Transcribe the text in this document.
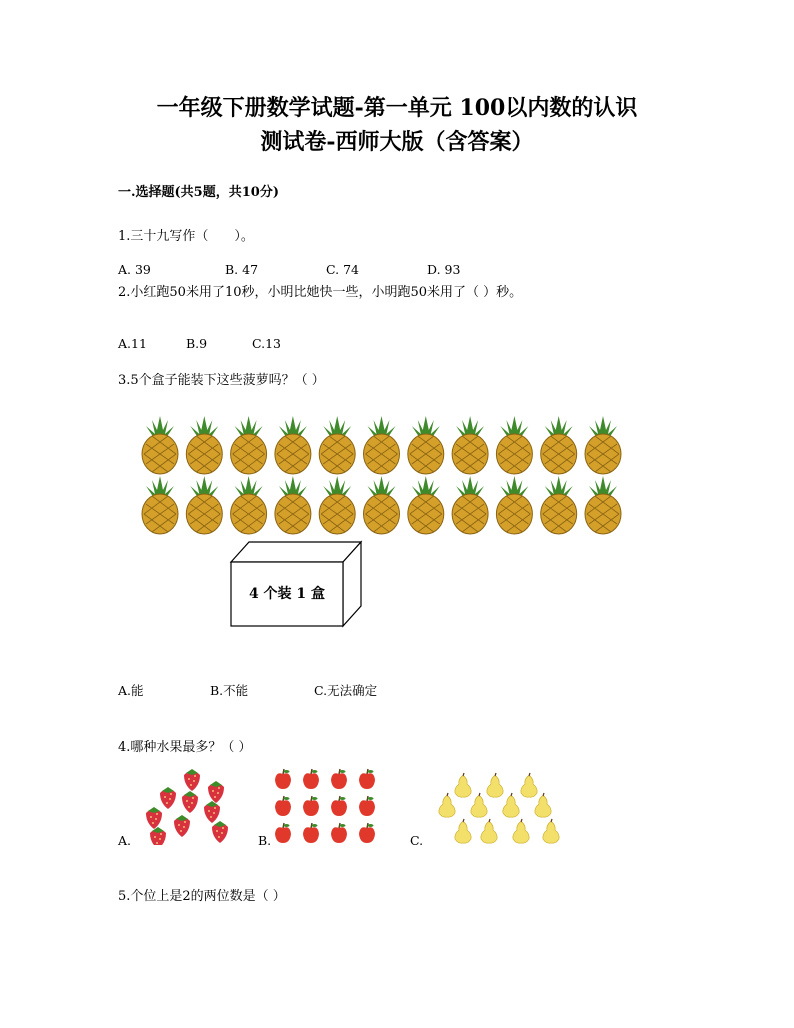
一年级下册数学试题-第一单元 100以内数的认识
测试卷-西师大版（含答案）
一.选择题(共5题，共10分)
1.三十九写作（　　）。
A. 39	B. 47	C. 74	D. 93
2.小红跑50米用了10秒，小明比她快一些，小明跑50米用了（ ）秒。
A.11	B.9	C.13
3.5个盒子能装下这些菠萝吗？（ ）
4 个装 1 盒
A.能	B.不能	C.无法确定
4.哪种水果最多？（ ）
A.	B.	C.
5.个位上是2的两位数是（ ）
